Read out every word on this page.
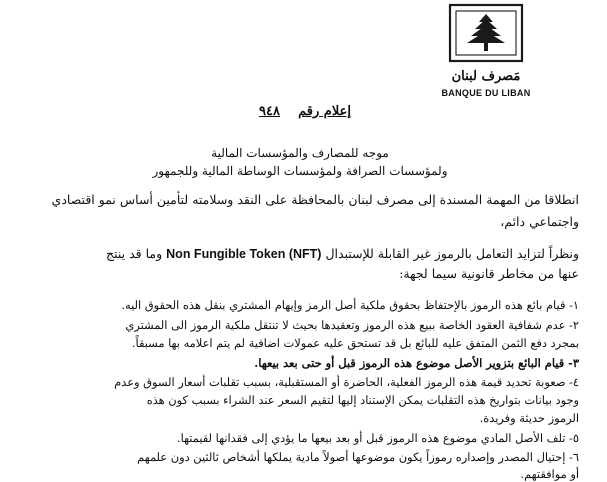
مَصرف لبنان
BANQUE DU LIBAN
إعلام رقم    ٩٤٨
موجه للمصارف والمؤسسات المالية
ولمؤسسات الصرافة ولمؤسسات الوساطة المالية وللجمهور
انطلاقا من المهمة المسندة إلى مصرف لبنان بالمحافظة على النقد وسلامته لتأمين أساس نمو اقتصادي
واجتماعي دائم،
ونظراً لتزايد التعامل بالرموز غير القابلة للإستبدال Non Fungible Token (NFT) وما قد ينتج
عنها من مخاطر قانونية سيما لجهة:
١- قيام بائع هذه الرموز بالإحتفاظ بحقوق ملكية أصل الرمز وإيهام المشتري بنقل هذه الحقوق اليه.
٢- عدم شفافية العقود الخاصة ببيع هذه الرموز وتعقيدها بحيث لا تنتقل ملكية الرموز الى المشتري
بمجرد دفع الثمن المتفق عليه للبائع بل قد تستحق عليه عمولات اضافية لم يتم اعلامه بها مسبقاً.
٣- قيام البائع بتزوير الأصل موضوع هذه الرموز قبل أو حتى بعد بيعها.
٤- صعوبة تحديد قيمة هذه الرموز الفعلية، الحاضرة أو المستقبلية، بسبب تقلبات أسعار السوق وعدم
وجود بيانات بتواريخ هذه التقلبات يمكن الإستناد إليها لتقيم السعر عند الشراء بسبب كون هذه
الرموز حديثة وفريدة.
٥- تلف الأصل المادي موضوع هذه الرموز قبل أو بعد بيعها ما يؤدي إلى فقدانها لقيمتها.
٦- إحتيال المصدر وإصداره رموزاً يكون موضوعها أصولاً مادية يملكها أشخاص ثالثين دون علمهم
أو موافقتهم.
